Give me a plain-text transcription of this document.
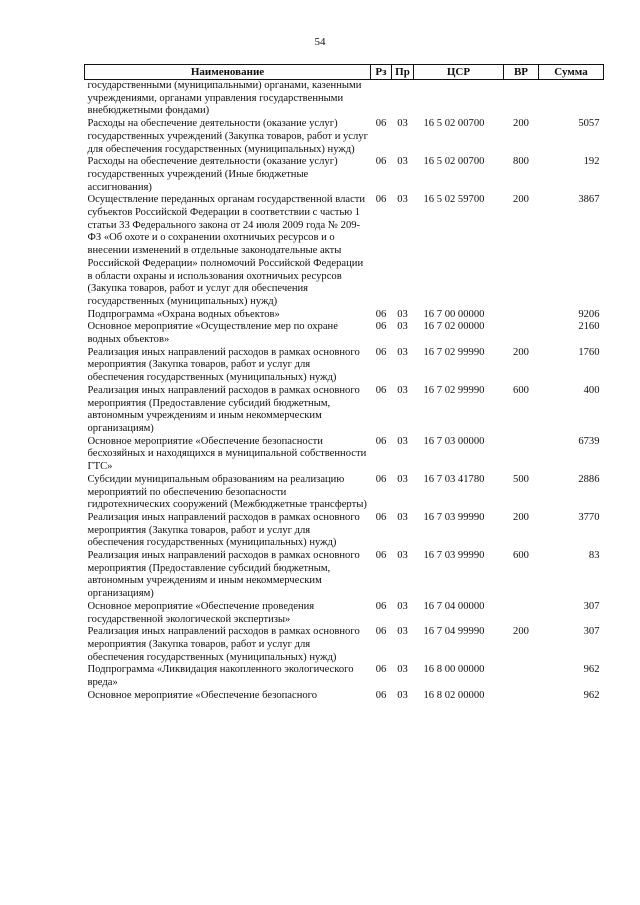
54
Наименование	Рз	Пр	ЦСР	ВР	Сумма
государственными (муниципальными) органами, казенными учреждениями, органами управления государственными внебюджетными фондами)					
Расходы на обеспечение деятельности (оказание услуг) государственных учреждений (Закупка товаров, работ и услуг для обеспечения государственных (муниципальных) нужд)	06	03	16 5 02 00700	200	5057
Расходы на обеспечение деятельности (оказание услуг) государственных учреждений (Иные бюджетные ассигнования)	06	03	16 5 02 00700	800	192
Осуществление переданных органам государственной власти субъектов Российской Федерации в соответствии с частью 1 статьи 33 Федерального закона от 24 июля 2009 года № 209-ФЗ «Об охоте и о сохранении охотничьих ресурсов и о внесении изменений в отдельные законодательные акты Российской Федерации» полномочий Российской Федерации в области охраны и использования охотничьих ресурсов (Закупка товаров, работ и услуг для обеспечения государственных (муниципальных) нужд)	06	03	16 5 02 59700	200	3867
Подпрограмма «Охрана водных объектов»	06	03	16 7 00 00000		9206
Основное мероприятие «Осуществление мер по охране водных объектов»	06	03	16 7 02 00000		2160
Реализация иных направлений расходов в рамках основного мероприятия (Закупка товаров, работ и услуг для обеспечения государственных (муниципальных) нужд)	06	03	16 7 02 99990	200	1760
Реализация иных направлений расходов в рамках основного мероприятия (Предоставление субсидий бюджетным, автономным учреждениям и иным некоммерческим организациям)	06	03	16 7 02 99990	600	400
Основное мероприятие «Обеспечение безопасности бесхозяйных и находящихся в муниципальной собственности ГТС»	06	03	16 7 03 00000		6739
Субсидии муниципальным образованиям на реализацию мероприятий по обеспечению безопасности гидротехнических сооружений (Межбюджетные трансферты)	06	03	16 7 03 41780	500	2886
Реализация иных направлений расходов в рамках основного мероприятия (Закупка товаров, работ и услуг для обеспечения государственных (муниципальных) нужд)	06	03	16 7 03 99990	200	3770
Реализация иных направлений расходов в рамках основного мероприятия (Предоставление субсидий бюджетным, автономным учреждениям и иным некоммерческим организациям)	06	03	16 7 03 99990	600	83
Основное мероприятие «Обеспечение проведения государственной экологической экспертизы»	06	03	16 7 04 00000		307
Реализация иных направлений расходов в рамках основного мероприятия (Закупка товаров, работ и услуг для обеспечения государственных (муниципальных) нужд)	06	03	16 7 04 99990	200	307
Подпрограмма «Ликвидация накопленного экологического вреда»	06	03	16 8 00 00000		962
Основное мероприятие «Обеспечение безопасного	06	03	16 8 02 00000		962
